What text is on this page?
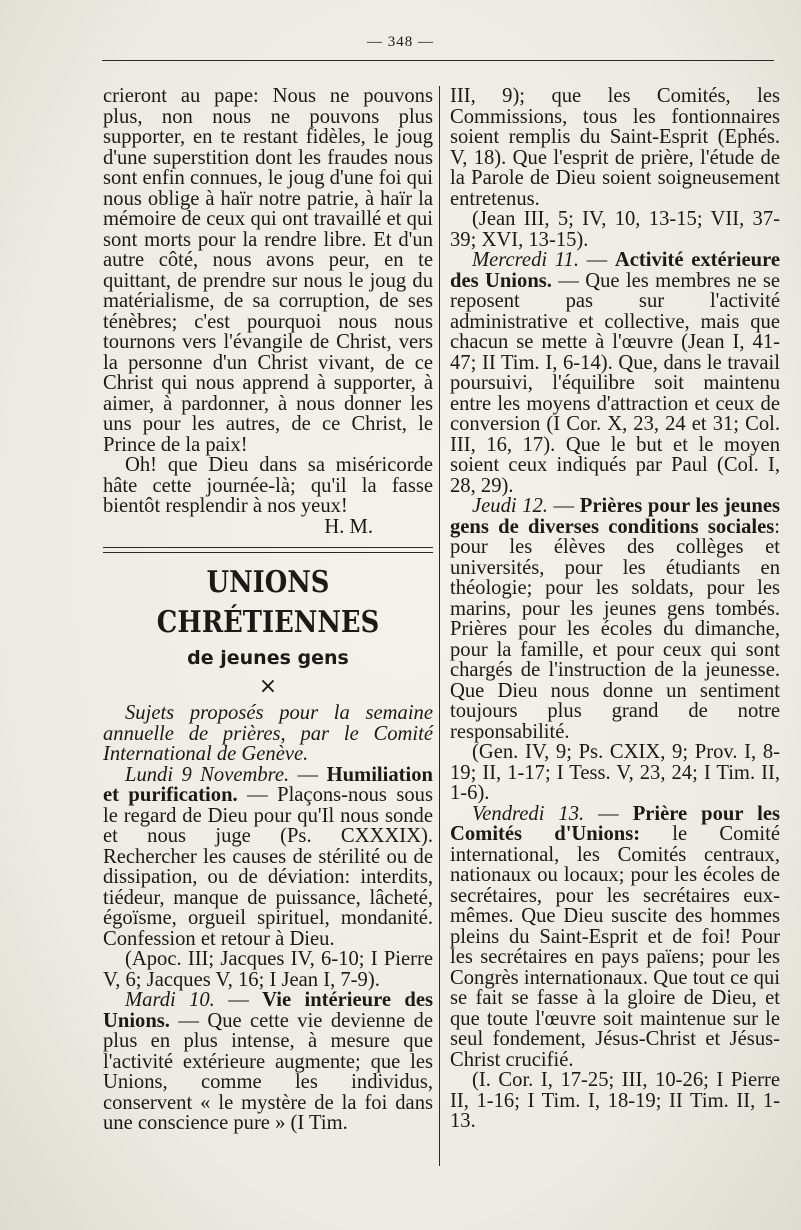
— 348 —

crieront au pape: Nous ne pouvons plus, non nous ne pouvons plus supporter, en te restant fidèles, le joug d'une superstition dont les fraudes nous sont enfin connues, le joug d'une foi qui nous oblige à haïr notre patrie, à haïr la mémoire de ceux qui ont travaillé et qui sont morts pour la rendre libre. Et d'un autre côté, nous avons peur, en te quittant, de prendre sur nous le joug du matérialisme, de sa corruption, de ses ténèbres; c'est pourquoi nous nous tournons vers l'évangile de Christ, vers la personne d'un Christ vivant, de ce Christ qui nous apprend à supporter, à aimer, à pardonner, à nous donner les uns pour les autres, de ce Christ, le Prince de la paix!

Oh! que Dieu dans sa miséricorde hâte cette journée-là; qu'il la fasse bientôt resplendir à nos yeux!

H. M.

UNIONS CHRÉTIENNES
de jeunes gens
×

Sujets proposés pour la semaine annuelle de prières, par le Comité International de Genève.

Lundi 9 Novembre. — Humiliation et purification. — Plaçons-nous sous le regard de Dieu pour qu'Il nous sonde et nous juge (Ps. CXXXIX). Rechercher les causes de stérilité ou de dissipation, ou de déviation: interdits, tiédeur, manque de puissance, lâcheté, égoïsme, orgueil spirituel, mondanité. Confession et retour à Dieu.

(Apoc. III; Jacques IV, 6-10; I Pierre V, 6; Jacques V, 16; I Jean I, 7-9).

Mardi 10. — Vie intérieure des Unions. — Que cette vie devienne de plus en plus intense, à mesure que l'activité extérieure augmente; que les Unions, comme les individus, conservent « le mystère de la foi dans une conscience pure » (I Tim.

III, 9); que les Comités, les Commissions, tous les fontionnaires soient remplis du Saint-Esprit (Ephés. V, 18). Que l'esprit de prière, l'étude de la Parole de Dieu soient soigneusement entretenus.

(Jean III, 5; IV, 10, 13-15; VII, 37-39; XVI, 13-15).

Mercredi 11. — Activité extérieure des Unions. — Que les membres ne se reposent pas sur l'activité administrative et collective, mais que chacun se mette à l'œuvre (Jean I, 41-47; II Tim. I, 6-14). Que, dans le travail poursuivi, l'équilibre soit maintenu entre les moyens d'attraction et ceux de conversion (I Cor. X, 23, 24 et 31; Col. III, 16, 17). Que le but et le moyen soient ceux indiqués par Paul (Col. I, 28, 29).

Jeudi 12. — Prières pour les jeunes gens de diverses conditions sociales: pour les élèves des collèges et universités, pour les étudiants en théologie; pour les soldats, pour les marins, pour les jeunes gens tombés. Prières pour les écoles du dimanche, pour la famille, et pour ceux qui sont chargés de l'instruction de la jeunesse. Que Dieu nous donne un sentiment toujours plus grand de notre responsabilité.

(Gen. IV, 9; Ps. CXIX, 9; Prov. I, 8-19; II, 1-17; I Tess. V, 23, 24; I Tim. II, 1-6).

Vendredi 13. — Prière pour les Comités d'Unions: le Comité international, les Comités centraux, nationaux ou locaux; pour les écoles de secrétaires, pour les secrétaires eux-mêmes. Que Dieu suscite des hommes pleins du Saint-Esprit et de foi! Pour les secrétaires en pays païens; pour les Congrès internationaux. Que tout ce qui se fait se fasse à la gloire de Dieu, et que toute l'œuvre soit maintenue sur le seul fondement, Jésus-Christ et Jésus-Christ crucifié.

(I. Cor. I, 17-25; III, 10-26; I Pierre II, 1-16; I Tim. I, 18-19; II Tim. II, 1-13.
